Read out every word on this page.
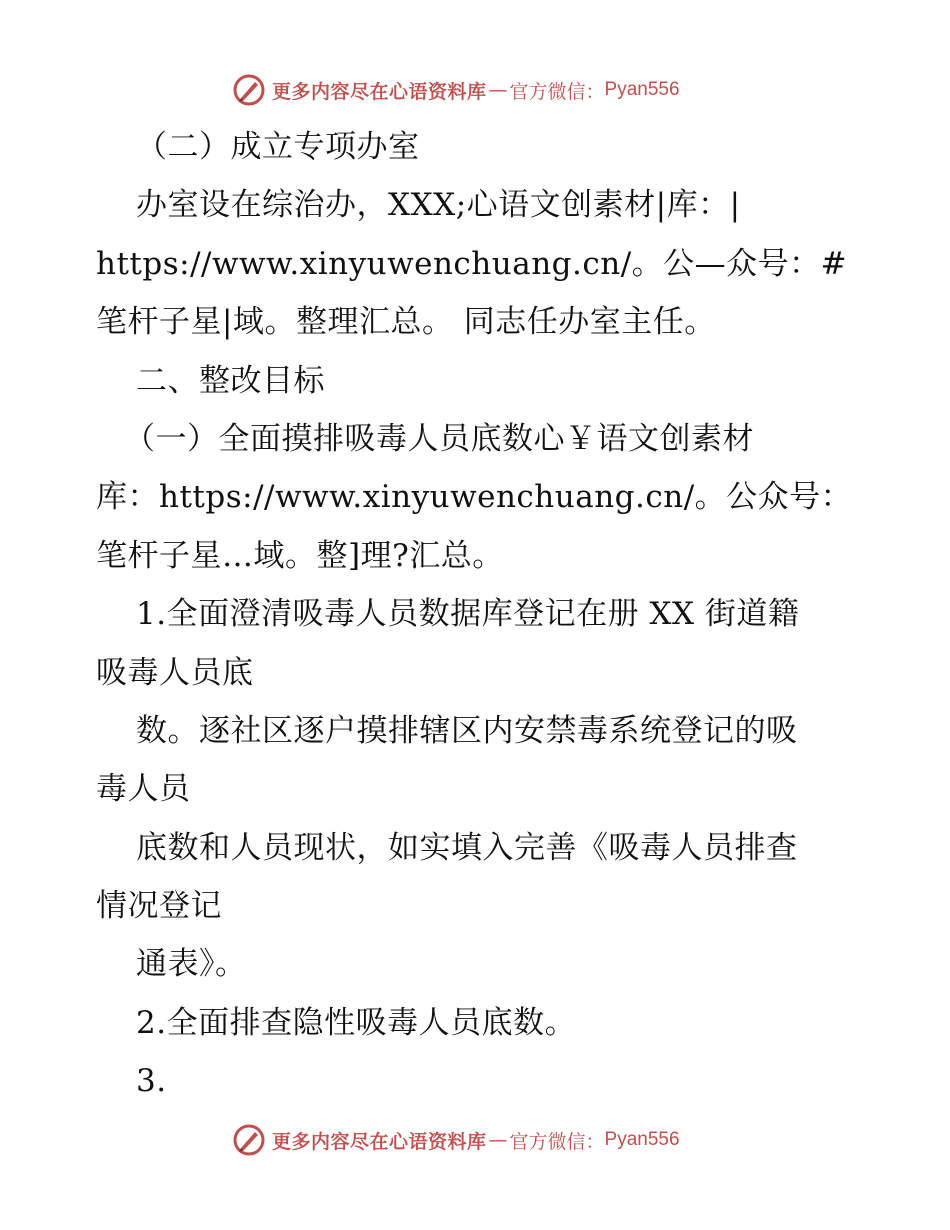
更多内容尽在心语资料库 — 官方微信： Pyan556
（二）成立专项办室
办室设在综治办，XXX;心语文创素材|库：|
https://www.xinyuwenchuang.cn/。公—众号：#
笔杆子星|域。整理汇总。 同志任办室主任。
二、整改目标
（一）全面摸排吸毒人员底数心￥语文创素材
库：https://www.xinyuwenchuang.cn/。公众号：
笔杆子星…域。整]理?汇总。
1.全面澄清吸毒人员数据库登记在册 XX 街道籍
吸毒人员底
数。逐社区逐户摸排辖区内安禁毒系统登记的吸
毒人员
底数和人员现状，如实填入完善《吸毒人员排查
情况登记
通表》。
2.全面排查隐性吸毒人员底数。
3.
更多内容尽在心语资料库 — 官方微信： Pyan556
